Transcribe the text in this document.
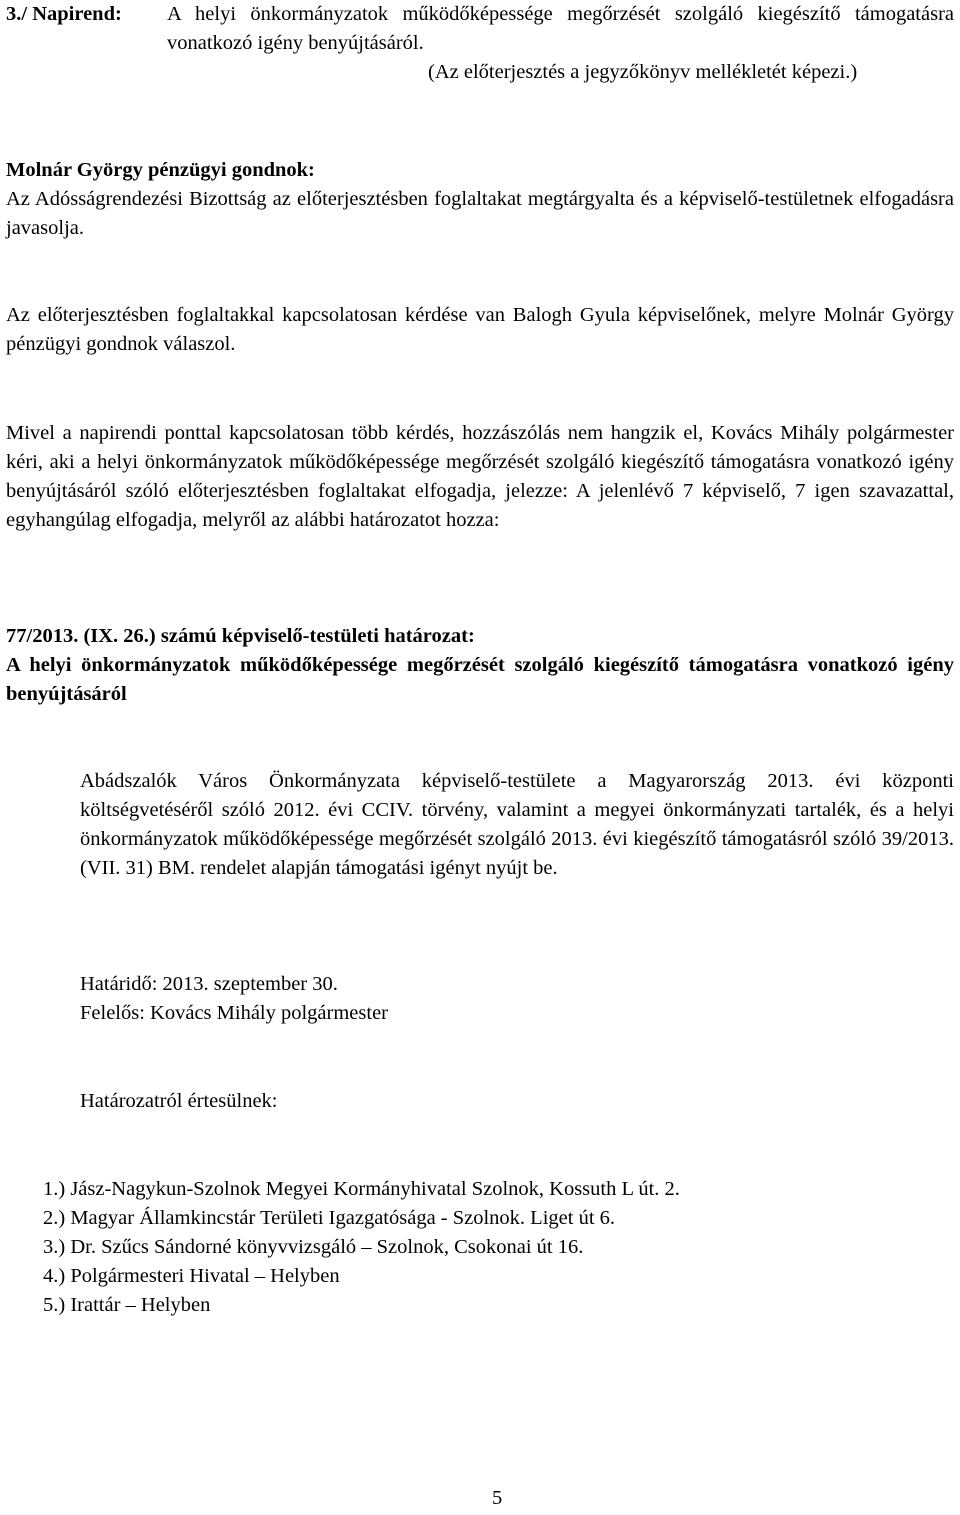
3./ Napirend: A helyi önkormányzatok működőképessége megőrzését szolgáló kiegészítő támogatásra vonatkozó igény benyújtásáról.
(Az előterjesztés a jegyzőkönyv mellékletét képezi.)
Molnár György pénzügyi gondnok:
Az Adósságrendezési Bizottság az előterjesztésben foglaltakat megtárgyalta és a képviselő-testületnek elfogadásra javasolja.
Az előterjesztésben foglaltakkal kapcsolatosan kérdése van Balogh Gyula képviselőnek, melyre Molnár György pénzügyi gondnok válaszol.
Mivel a napirendi ponttal kapcsolatosan több kérdés, hozzászólás nem hangzik el, Kovács Mihály polgármester kéri, aki a helyi önkormányzatok működőképessége megőrzését szolgáló kiegészítő támogatásra vonatkozó igény benyújtásáról szóló előterjesztésben foglaltakat elfogadja, jelezze: A jelenlévő 7 képviselő, 7 igen szavazattal, egyhangúlag elfogadja, melyről az alábbi határozatot hozza:
77/2013. (IX. 26.) számú képviselő-testületi határozat:
A helyi önkormányzatok működőképessége megőrzését szolgáló kiegészítő támogatásra vonatkozó igény benyújtásáról
Abádszalók Város Önkormányzata képviselő-testülete a Magyarország 2013. évi központi költségvetéséről szóló 2012. évi CCIV. törvény, valamint a megyei önkormányzati tartalék, és a helyi önkormányzatok működőképessége megőrzését szolgáló 2013. évi kiegészítő támogatásról szóló 39/2013.(VII. 31) BM. rendelet alapján támogatási igényt nyújt be.
Határidő: 2013. szeptember 30.
Felelős: Kovács Mihály polgármester
Határozatról értesülnek:
1.) Jász-Nagykun-Szolnok Megyei Kormányhivatal Szolnok, Kossuth L út. 2.
2.) Magyar Államkincstár Területi Igazgatósága - Szolnok. Liget út 6.
3.) Dr. Szűcs Sándorné könyvvizsgáló – Szolnok, Csokonai út 16.
4.) Polgármesteri Hivatal – Helyben
5.) Irattár – Helyben
5
